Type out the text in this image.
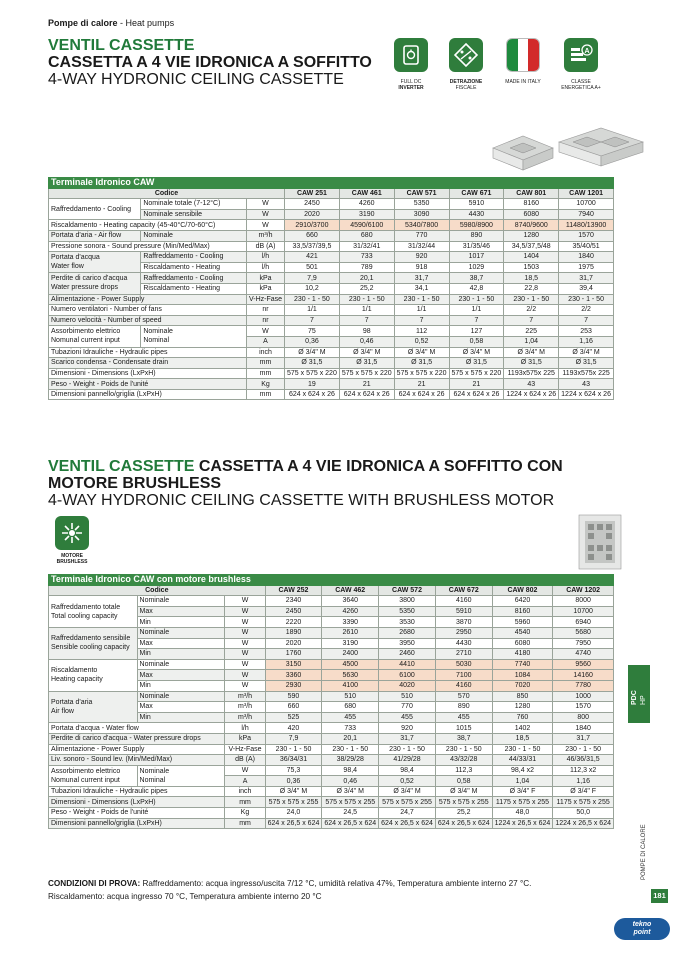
Pompe di calore - Heat pumps
VENTIL CASSETTE
CASSETTA A 4 VIE IDRONICA A SOFFITTO
4-WAY HYDRONIC CEILING CASSETTE	FULL DC
INVERTER
DETRAZIONE
FISCALE
MADE IN ITALY
A
CLASSE
ENERGETICA A+
Terminale Idronico CAW								
Codice			CAW 251	CAW 461	CAW 571	CAW 671	CAW 801	CAW 1201
Raffreddamento - Cooling	Nominale totale (7-12°C)	W	2450	4260	5350	5910	8160	10700
	Nominale sensibile	W	2020	3190	3090	4430	6080	7940
Riscaldamento - Heating capacity (45-40°C/70-60°C)		W	2910/3700	4590/6100	5340/7800	5980/8900	8740/9600	11480/13900
Portata d'aria - Air flow	Nominale	m³/h	660	680	770	890	1280	1570
Pressione sonora - Sound pressure (Min/Med/Max)		dB (A)	33,5/37/39,5	31/32/41	31/32/44	31/35/46	34,5/37,5/48	35/40/51
Portata d'acqua
Water flow	Raffreddamento - Cooling	l/h	421	733	920	1017	1404	1840
	Riscaldamento - Heating	l/h	501	789	918	1029	1503	1975
Perdite di carico d'acqua
Water pressure drops	Raffreddamento - Cooling	kPa	7,9	20,1	31,7	38,7	18,5	31,7
	Riscaldamento - Heating	kPa	10,2	25,2	34,1	42,8	22,8	39,4
Alimentazione - Power Supply		V-Hz-Fase	230 - 1 - 50	230 - 1 - 50	230 - 1 - 50	230 - 1 - 50	230 - 1 - 50	230 - 1 - 50
Numero ventilatori - Number of fans		nr	1/1	1/1	1/1	1/1	2/2	2/2
Numero velocità - Number of speed		nr	7	7	7	7	7	7
Assorbimento elettrico
Nomunal current input	Nominale
Nominal	W	75	98	112	127	225	253
		A	0,36	0,46	0,52	0,58	1,04	1,16
Tubazioni Idrauliche - Hydraulic pipes		inch	Ø 3/4" M	Ø 3/4" M	Ø 3/4" M	Ø 3/4" M	Ø 3/4" M	Ø 3/4" M
Scarico condensa - Condensate drain		mm	Ø 31,5	Ø 31,5	Ø 31,5	Ø 31,5	Ø 31,5	Ø 31,5
Dimensioni - Dimensions (LxPxH)		mm	575 x 575 x 220	575 x 575 x 220	575 x 575 x 220	575 x 575 x 220	1193x575x 225	1193x575x 225
Peso - Weight - Poids de l'unité		Kg	19	21	21	21	43	43
Dimensioni pannello/griglia (LxPxH)		mm	624 x 624 x 26	624 x 624 x 26	624 x 624 x 26	624 x 624 x 26	1224 x 624 x 26	1224 x 624 x 26
VENTIL CASSETTE CASSETTA A 4 VIE IDRONICA A SOFFITTO CON MOTORE BRUSHLESS
4-WAY HYDRONIC CEILING CASSETTE WITH BRUSHLESS MOTOR
MOTORE
BRUSHLESS
Terminale Idronico CAW con motore brushless								
Codice			CAW 252	CAW 462	CAW 572	CAW 672	CAW 802	CAW 1202
Raffreddamento totale
Total cooling capacity	Nominale	W	2340	3640	3800	4160	6420	8000
	Max	W	2450	4260	5350	5910	8160	10700
	Min	W	2220	3390	3530	3870	5960	6940
Raffreddamento sensibile
Sensible cooling capacity	Nominale	W	1890	2610	2680	2950	4540	5680
	Max	W	2020	3190	3950	4430	6080	7950
	Min	W	1760	2400	2460	2710	4180	4740
Riscaldamento
Heating capacity	Nominale	W	3150	4500	4410	5030	7740	9560
	Max	W	3360	5630	6100	7100	1084	14160
	Min	W	2930	4100	4020	4160	7020	7780
Portata d'aria
Air flow	Nominale	m³/h	590	510	510	570	850	1000
	Max	m³/h	660	680	770	890	1280	1570
	Min	m³/h	525	455	455	455	760	800
Portata d'acqua - Water flow		l/h	420	733	920	1015	1402	1840
Perdite di carico d'acqua - Water pressure drops		kPa	7,9	20,1	31,7	38,7	18,5	31,7
Alimentazione - Power Supply		V-Hz-Fase	230 - 1 - 50	230 - 1 - 50	230 - 1 - 50	230 - 1 - 50	230 - 1 - 50	230 - 1 - 50
Liv. sonoro - Sound lev. (Min/Med/Max)		dB (A)	36/34/31	38/29/28	41/29/28	43/32/28	44/33/31	46/36/31,5
Assorbimento elettrico
Nomunal current input	Nominale
Nominal	W	75,3	98,4	98,4	112,3	98,4 x2	112,3 x2
		A	0,36	0,46	0,52	0,58	1,04	1,16
Tubazioni Idrauliche - Hydraulic pipes		inch	Ø 3/4" M	Ø 3/4" M	Ø 3/4" M	Ø 3/4" M	Ø 3/4" F	Ø 3/4" F
Dimensioni - Dimensions (LxPxH)		mm	575 x 575 x 255	575 x 575 x 255	575 x 575 x 255	575 x 575 x 255	1175 x 575 x 255	1175 x 575 x 255
Peso - Weight - Poids de l'unité		Kg	24,0	24,5	24,7	25,2	48,0	50,0
Dimensioni pannello/griglia (LxPxH)		mm	624 x 26,5 x 624	624 x 26,5 x 624	624 x 26,5 x 624	624 x 26,5 x 624	1224 x 26,5 x 624	1224 x 26,5 x 624
CONDIZIONI DI PROVA: Raffreddamento: acqua ingresso/uscita 7/12 °C, umidità relativa 47%, Temperatura ambiente interno 27 °C.
Riscaldamento: acqua ingresso 70 °C, Temperatura ambiente interno 20 °C
PDC HP
POMPE DI CALORE
181
tekno
point
